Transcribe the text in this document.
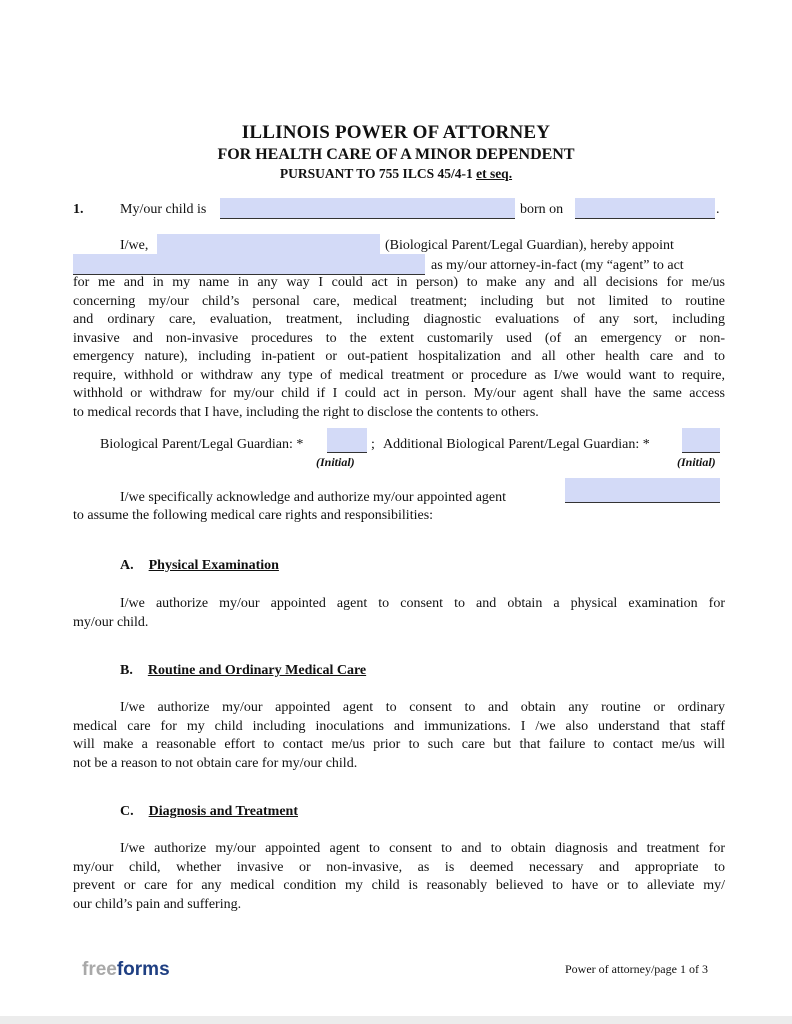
ILLINOIS POWER OF ATTORNEY
FOR HEALTH CARE OF A MINOR DEPENDENT
PURSUANT TO 755 ILCS 45/4-1 et seq.
1.	My/our child is	born on	.
I/we,	(Biological Parent/Legal Guardian), hereby appoint
as my/our attorney-in-fact (my “agent” to act
for me and in my name in any way I could act in person) to make any and all decisions for me/us
concerning my/our child’s personal care, medical treatment; including but not limited to routine
and ordinary care, evaluation, treatment, including diagnostic evaluations of any sort, including
invasive and non-invasive procedures to the extent customarily used (of an emergency or non-
emergency nature), including in-patient or out-patient hospitalization and all other health care and to
require, withhold or withdraw any type of medical treatment or procedure as I/we would want to require,
withhold or withdraw for my/our child if I could act in person. My/our agent shall have the same access
to medical records that I have, including the right to disclose the contents to others.
Biological Parent/Legal Guardian: *	; Additional Biological Parent/Legal Guardian: *
(Initial)	(Initial)
I/we specifically acknowledge and authorize my/our appointed agent
to assume the following medical care rights and responsibilities:
A. Physical Examination
I/we authorize my/our appointed agent to consent to and obtain a physical examination for
my/our child.
B. Routine and Ordinary Medical Care
I/we authorize my/our appointed agent to consent to and obtain any routine or ordinary
medical care for my child including inoculations and immunizations. I /we also understand that staff
will make a reasonable effort to contact me/us prior to such care but that failure to contact me/us will
not be a reason to not obtain care for my/our child.
C. Diagnosis and Treatment
I/we authorize my/our appointed agent to consent to and to obtain diagnosis and treatment for
my/our child, whether invasive or non-invasive, as is deemed necessary and appropriate to
prevent or care for any medical condition my child is reasonably believed to have or to alleviate my/
our child’s pain and suffering.
freeforms	Power of attorney/page 1 of 3
